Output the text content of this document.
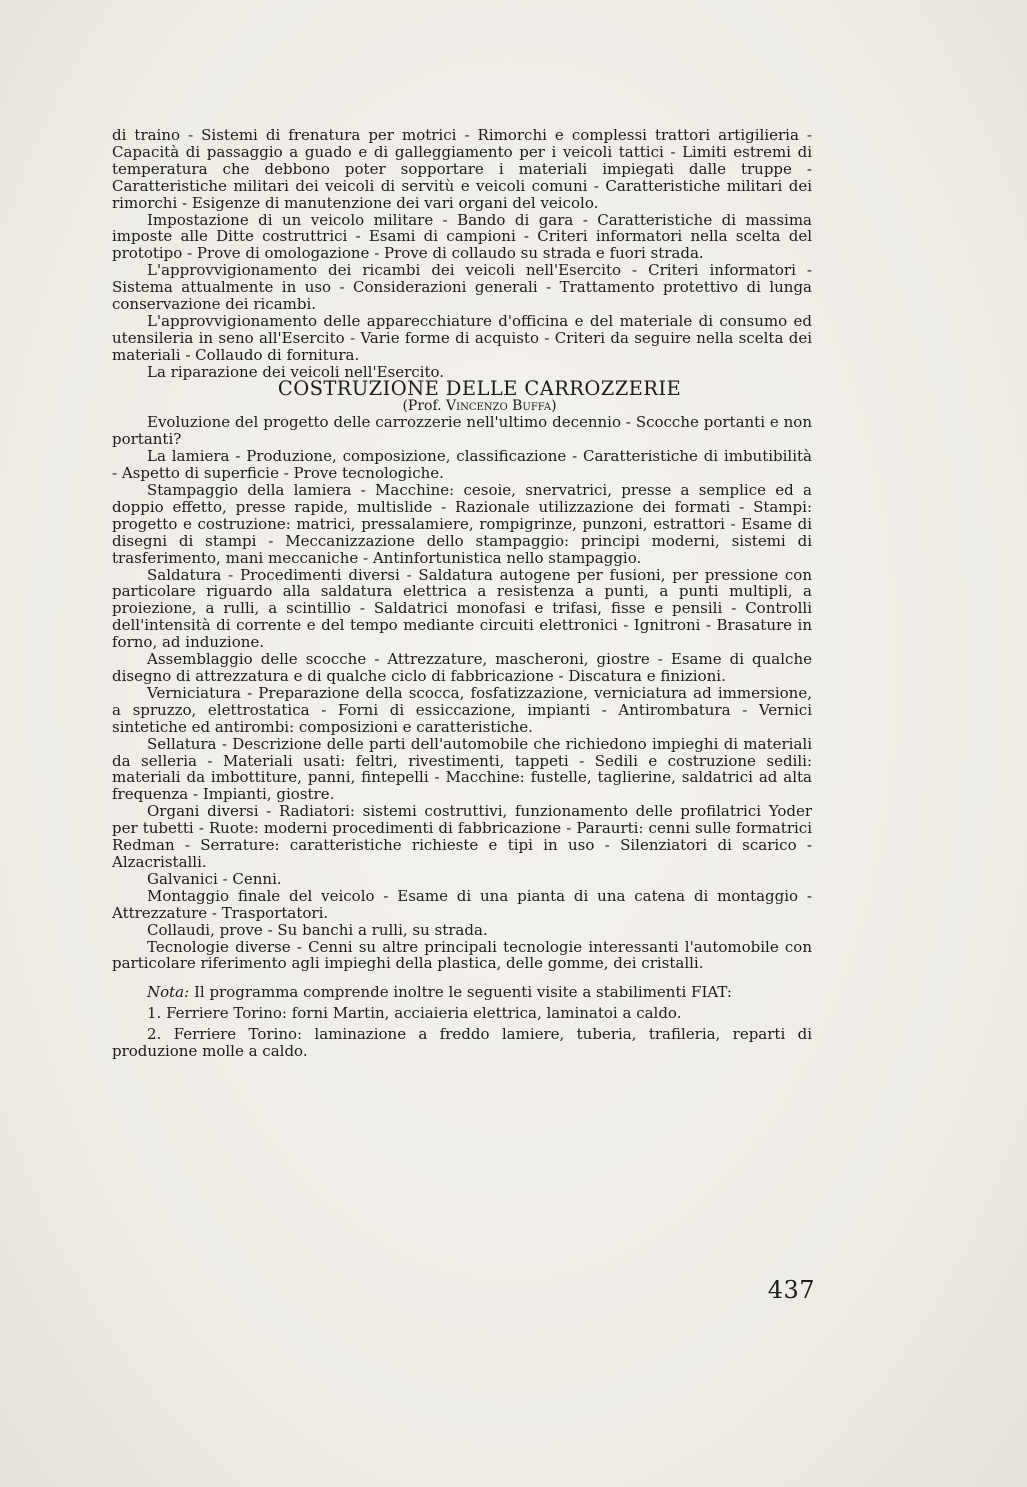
di traino - Sistemi di frenatura per motrici - Rimorchi e complessi trattori artigilieria - Capacità di passaggio a guado e di galleggiamento per i veicoli tattici - Limiti estremi di temperatura che debbono poter sopportare i materiali impiegati dalle truppe - Caratteristiche militari dei veicoli di servitù e veicoli comuni - Caratteristiche militari dei rimorchi - Esigenze di manutenzione dei vari organi del veicolo.

Impostazione di un veicolo militare - Bando di gara - Caratteristiche di massima imposte alle Ditte costruttrici - Esami di campioni - Criteri informatori nella scelta del prototipo - Prove di omologazione - Prove di collaudo su strada e fuori strada.

L'approvvigionamento dei ricambi dei veicoli nell'Esercito - Criteri informatori - Sistema attualmente in uso - Considerazioni generali - Trattamento protettivo di lunga conservazione dei ricambi.

L'approvvigionamento delle apparecchiature d'officina e del materiale di consumo ed utensileria in seno all'Esercito - Varie forme di acquisto - Criteri da seguire nella scelta dei materiali - Collaudo di fornitura.

La riparazione dei veicoli nell'Esercito.

COSTRUZIONE DELLE CARROZZERIE

(Prof. Vincenzo Buffa)

Evoluzione del progetto delle carrozzerie nell'ultimo decennio - Scocche portanti e non portanti?

La lamiera - Produzione, composizione, classificazione - Caratteristiche di imbutibilità - Aspetto di superficie - Prove tecnologiche.

Stampaggio della lamiera - Macchine: cesoie, snervatrici, presse a semplice ed a doppio effetto, presse rapide, multislide - Razionale utilizzazione dei formati - Stampi: progetto e costruzione: matrici, pressalamiere, rompigrinze, punzoni, estrattori - Esame di disegni di stampi - Meccanizzazione dello stampaggio: principi moderni, sistemi di trasferimento, mani meccaniche - Antinfortunistica nello stampaggio.

Saldatura - Procedimenti diversi - Saldatura autogene per fusioni, per pressione con particolare riguardo alla saldatura elettrica a resistenza a punti, a punti multipli, a proiezione, a rulli, a scintillio - Saldatrici monofasi e trifasi, fisse e pensili - Controlli dell'intensità di corrente e del tempo mediante circuiti elettronici - Ignitroni - Brasature in forno, ad induzione.

Assemblaggio delle scocche - Attrezzature, mascheroni, giostre - Esame di qualche disegno di attrezzatura e di qualche ciclo di fabbricazione - Discatura e finizioni.

Verniciatura - Preparazione della scocca, fosfatizzazione, verniciatura ad immersione, a spruzzo, elettrostatica - Forni di essiccazione, impianti - Antirombatura - Vernici sintetiche ed antirombi: composizioni e caratteristiche.

Sellatura - Descrizione delle parti dell'automobile che richiedono impieghi di materiali da selleria - Materiali usati: feltri, rivestimenti, tappeti - Sedili e costruzione sedili: materiali da imbottiture, panni, fintepelli - Macchine: fustelle, taglierine, saldatrici ad alta frequenza - Impianti, giostre.

Organi diversi - Radiatori: sistemi costruttivi, funzionamento delle profilatrici Yoder per tubetti - Ruote: moderni procedimenti di fabbricazione - Paraurti: cenni sulle formatrici Redman - Serrature: caratteristiche richieste e tipi in uso - Silenziatori di scarico - Alzacristalli.

Galvanici - Cenni.

Montaggio finale del veicolo - Esame di una pianta di una catena di montaggio - Attrezzature - Trasportatori.

Collaudi, prove - Su banchi a rulli, su strada.

Tecnologie diverse - Cenni su altre principali tecnologie interessanti l'automobile con particolare riferimento agli impieghi della plastica, delle gomme, dei cristalli.

Nota: Il programma comprende inoltre le seguenti visite a stabilimenti FIAT:

1. Ferriere Torino: forni Martin, acciaieria elettrica, laminatoi a caldo.

2. Ferriere Torino: laminazione a freddo lamiere, tuberia, trafileria, reparti di produzione molle a caldo.

437
